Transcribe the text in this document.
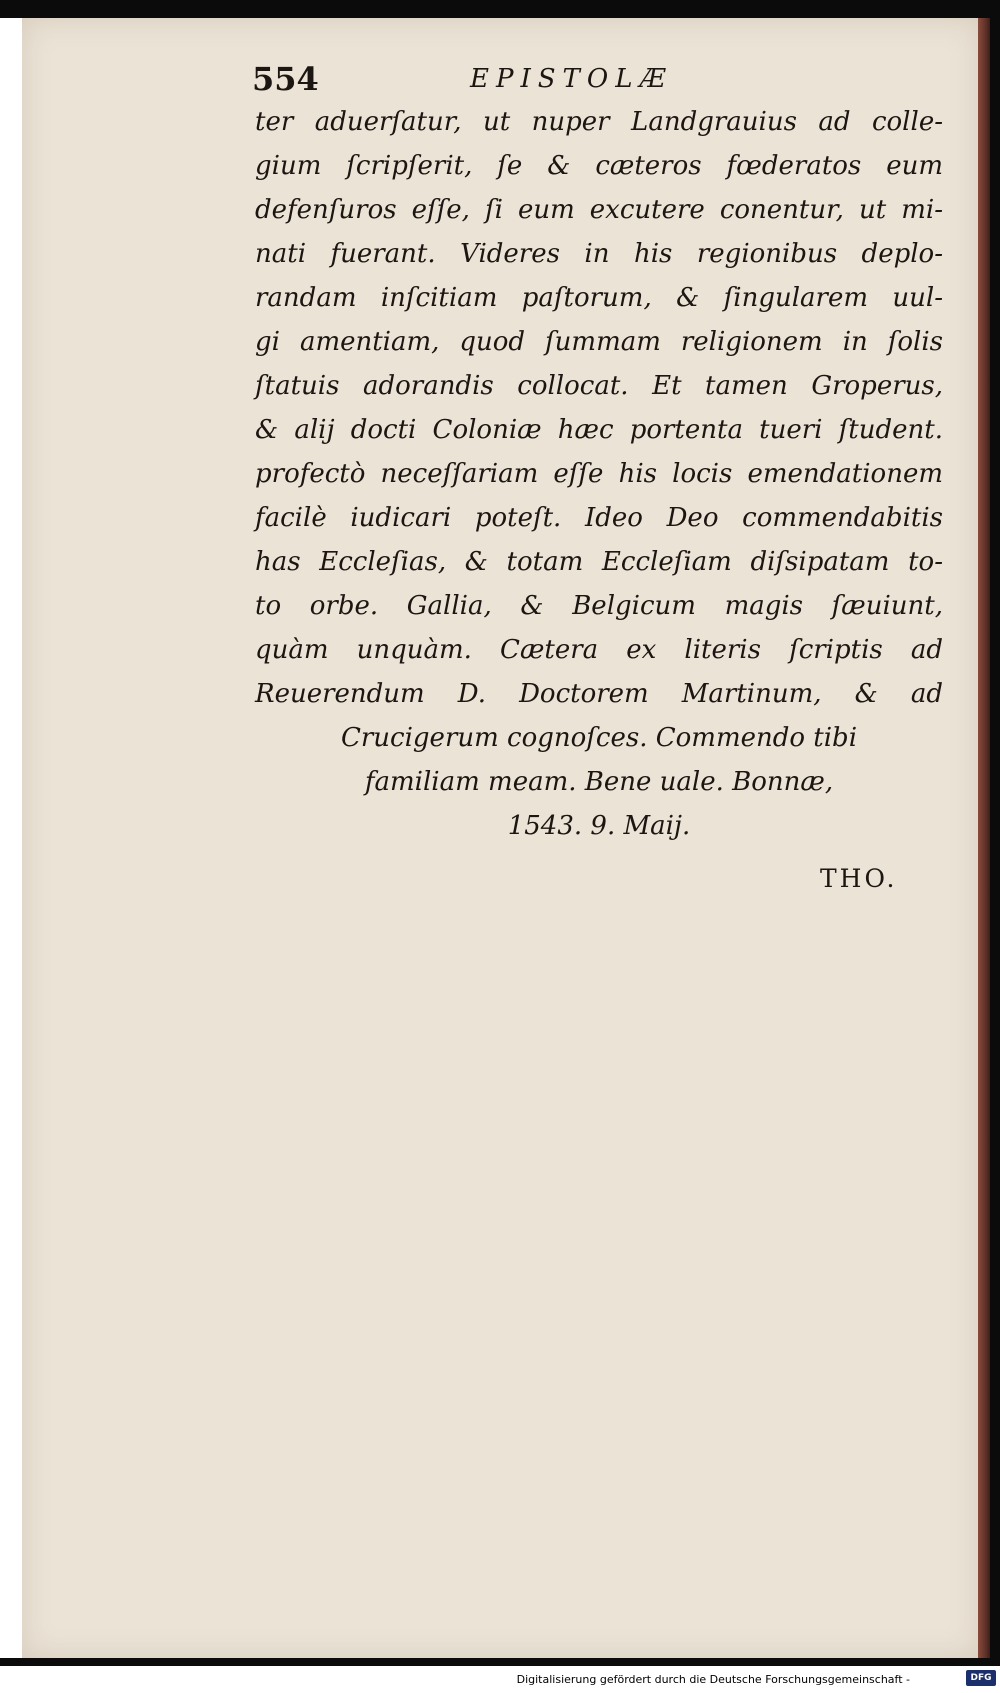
554	EPISTOLÆ
ter aduerſatur, ut nuper Landgrauius ad colle-
gium ſcripſerit, ſe & cæteros fœderatos eum
defenſuros eſſe, ſi eum excutere conentur, ut mi-
nati fuerant. Videres in his regionibus deplo-
randam inſcitiam paſtorum, & ſingularem uul-
gi amentiam, quod ſummam religionem in ſolis
ſtatuis adorandis collocat. Et tamen Groperus,
& alij docti Coloniæ hæc portenta tueri ſtudent.
profectò neceſſariam eſſe his locis emendationem
facilè iudicari poteſt. Ideo Deo commendabitis
has Eccleſias, & totam Eccleſiam diſsipatam to-
to orbe. Gallia, & Belgicum magis ſæuiunt,
quàm unquàm. Cætera ex literis ſcriptis ad
Reuerendum D. Doctorem Martinum, & ad
Crucigerum cognoſces. Commendo tibi
familiam meam. Bene uale. Bonnæ,
1543. 9. Maij.
THO.
Digitalisierung gefördert durch die Deutsche Forschungsgemeinschaft -	DFG
